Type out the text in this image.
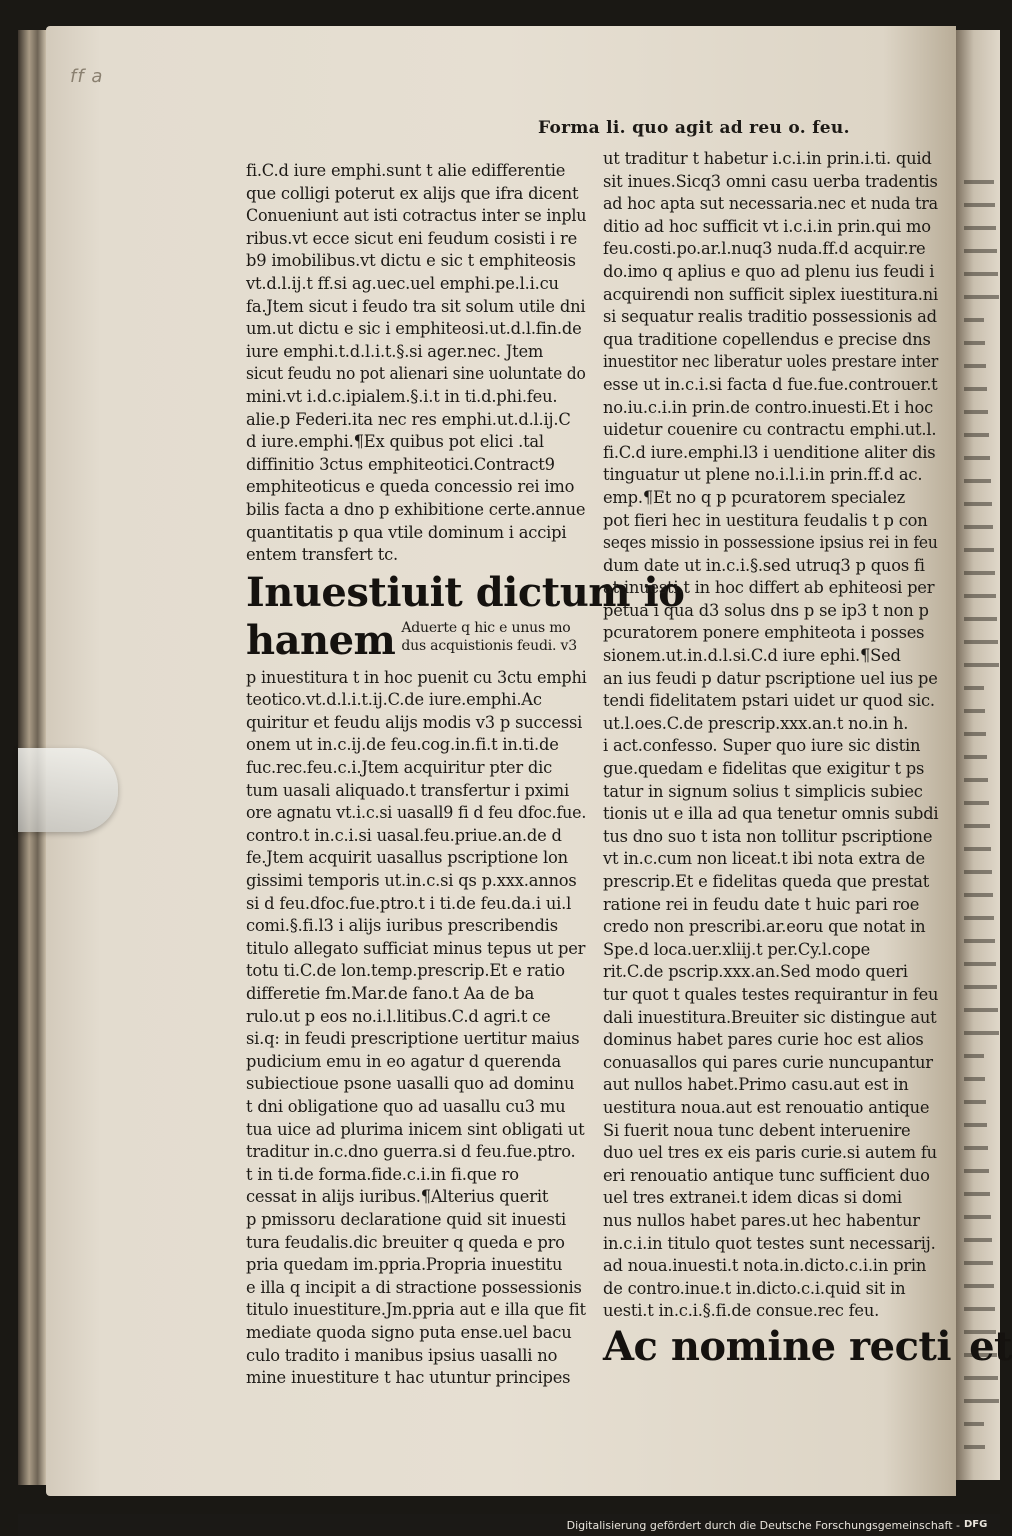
ff a
Forma li. quo agit ad reu o. feu.
fi.C.d iure emphi.sunt t alie edifferentie
que colligi poterut ex alijs que ifra dicent
Conueniunt aut isti cotractus inter se inplu
ribus.vt ecce sicut eni feudum cosisti i re
b9 imobilibus.vt dictu e sic t emphiteosis
vt.d.l.ij.t ff.si ag.uec.uel emphi.pe.l.i.cu
fa.Jtem sicut i feudo tra sit solum utile dni
um.ut dictu e sic i emphiteosi.ut.d.l.fin.de
iure emphi.t.d.l.i.t.§.si ager.nec. Jtem
sicut feudu no pot alienari sine uoluntate do
mini.vt i.d.c.ipialem.§.i.t in ti.d.phi.feu.
alie.p Federi.ita nec res emphi.ut.d.l.ij.C
d iure.emphi.¶Ex quibus pot elici .tal
diffinitio 3ctus emphiteotici.Contract9
emphiteoticus e queda concessio rei imo
bilis facta a dno p exhibitione certe.annue
quantitatis p qua vtile dominum i accipi
entem transfert tc.
Inuestiuit dictum io
hanem Aduerte q hic e unus mo
dus acquistionis feudi. v3
p inuestitura t in hoc puenit cu 3ctu emphi
teotico.vt.d.l.i.t.ij.C.de iure.emphi.Ac
quiritur et feudu alijs modis v3 p successi
onem ut in.c.ij.de feu.cog.in.fi.t in.ti.de
fuc.rec.feu.c.i.Jtem acquiritur pter dic
tum uasali aliquado.t transfertur i pximi
ore agnatu vt.i.c.si uasall9 fi d feu dfoc.fue.
contro.t in.c.i.si uasal.feu.priue.an.de d
fe.Jtem acquirit uasallus pscriptione lon
gissimi temporis ut.in.c.si qs p.xxx.annos
si d feu.dfoc.fue.ptro.t i ti.de feu.da.i ui.l
comi.§.fi.l3 i alijs iuribus prescribendis
titulo allegato sufficiat minus tepus ut per
totu ti.C.de lon.temp.prescrip.Et e ratio
differetie fm.Mar.de fano.t Aa de ba
rulo.ut p eos no.i.l.litibus.C.d agri.t ce
si.q: in feudi prescriptione uertitur maius
pudicium emu in eo agatur d querenda
subiectioue psone uasalli quo ad dominu
t dni obligatione quo ad uasallu cu3 mu
tua uice ad plurima inicem sint obligati ut
traditur in.c.dno guerra.si d feu.fue.ptro.
t in ti.de forma.fide.c.i.in fi.que ro
cessat in alijs iuribus.¶Alterius querit
p pmissoru declaratione quid sit inuesti
tura feudalis.dic breuiter q queda e pro
pria quedam im.ppria.Propria inuestitu
e illa q incipit a di stractione possessionis
titulo inuestiture.Jm.ppria aut e illa que fit
mediate quoda signo puta ense.uel bacu
culo tradito i manibus ipsius uasalli no
mine inuestiture t hac utuntur principes
ut traditur t habetur i.c.i.in prin.i.ti. quid
sit inues.Sicq3 omni casu uerba tradentis
ad hoc apta sut necessaria.nec et nuda tra
ditio ad hoc sufficit vt i.c.i.in prin.qui mo
feu.costi.po.ar.l.nuq3 nuda.ff.d acquir.re
do.imo q aplius e quo ad plenu ius feudi i
acquirendi non sufficit siplex iuestitura.ni
si sequatur realis traditio possessionis ad
qua traditione copellendus e precise dns
inuestitor nec liberatur uoles prestare inter
esse ut in.c.i.si facta d fue.fue.controuer.t
no.iu.c.i.in prin.de contro.inuesti.Et i hoc
uidetur couenire cu contractu emphi.ut.l.
fi.C.d iure.emphi.l3 i uenditione aliter dis
tinguatur ut plene no.i.l.i.in prin.ff.d ac.
emp.¶Et no q p pcuratorem specialez
pot fieri hec in uestitura feudalis t p con
seqes missio in possessione ipsius rei in feu
dum date ut in.c.i.§.sed utruq3 p quos fi
at inuesti.t in hoc differt ab ephiteosi per
petua i qua d3 solus dns p se ip3 t non p
pcuratorem ponere emphiteota i posses
sionem.ut.in.d.l.si.C.d iure ephi.¶Sed
an ius feudi p datur pscriptione uel ius pe
tendi fidelitatem pstari uidet ur quod sic.
ut.l.oes.C.de prescrip.xxx.an.t no.in h.
i act.confesso. Super quo iure sic distin
gue.quedam e fidelitas que exigitur t ps
tatur in signum solius t simplicis subiec
tionis ut e illa ad qua tenetur omnis subdi
tus dno suo t ista non tollitur pscriptione
vt in.c.cum non liceat.t ibi nota extra de
prescrip.Et e fidelitas queda que prestat
ratione rei in feudu date t huic pari roe
credo non prescribi.ar.eoru que notat in
Spe.d loca.uer.xliij.t per.Cy.l.cope
rit.C.de pscrip.xxx.an.Sed modo queri
tur quot t quales testes requirantur in feu
dali inuestitura.Breuiter sic distingue aut
dominus habet pares curie hoc est alios
conuasallos qui pares curie nuncupantur
aut nullos habet.Primo casu.aut est in
uestitura noua.aut est renouatio antique
Si fuerit noua tunc debent interuenire
duo uel tres ex eis paris curie.si autem fu
eri renouatio antique tunc sufficient duo
uel tres extranei.t idem dicas si domi
nus nullos habet pares.ut hec habentur
in.c.i.in titulo quot testes sunt necessarij.
ad noua.inuesti.t nota.in.dicto.c.i.in prin
de contro.inue.t in.dicto.c.i.quid sit in
uesti.t in.c.i.§.fi.de consue.rec feu.
Ac nomine recti et
Digitalisierung gefördert durch die Deutsche Forschungsgemeinschaft - DFG
